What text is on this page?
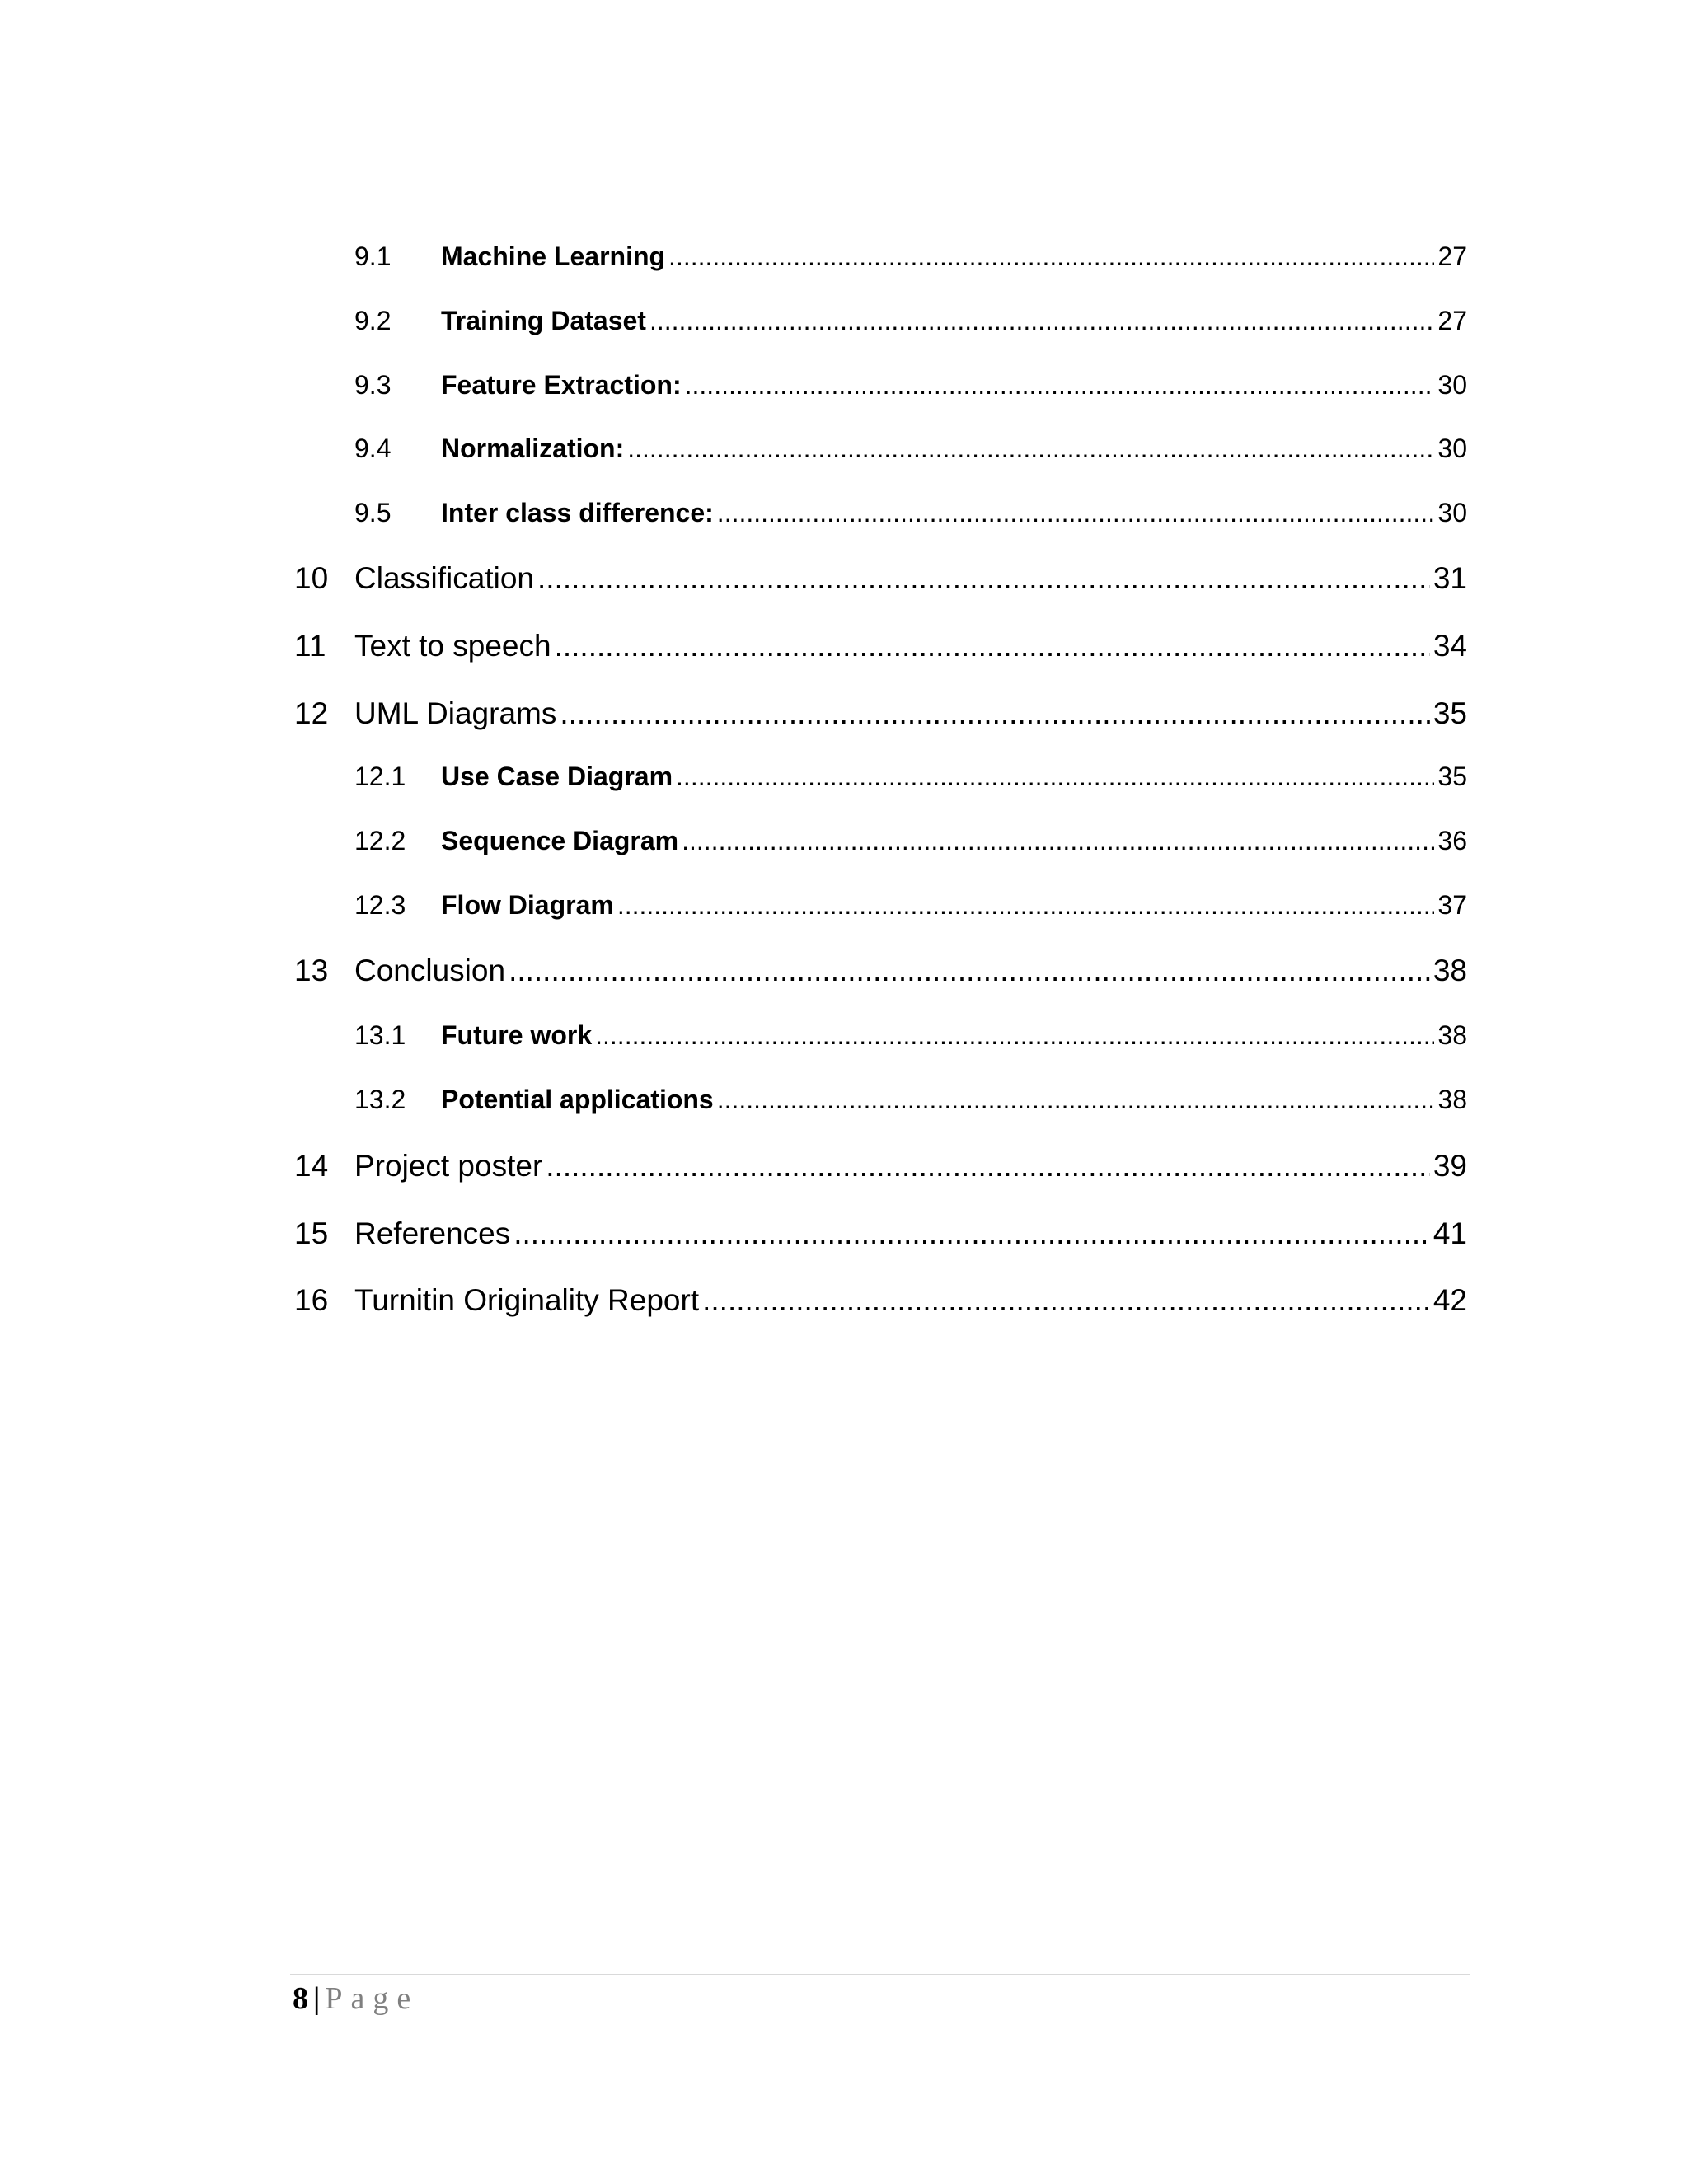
9.1	Machine Learning .....	27
9.2	Training Dataset .....	27
9.3	Feature Extraction: .....	30
9.4	Normalization: .....	30
9.5	Inter class difference: .....	30
10 Classification .....	31
11 Text to speech .....	34
12 UML Diagrams .....	35
12.1	Use Case Diagram .....	35
12.2	Sequence Diagram .....	36
12.3	Flow Diagram .....	37
13 Conclusion .....	38
13.1	Future work .....	38
13.2	Potential applications .....	38
14 Project poster .....	39
15 References .....	41
16 Turnitin Originality Report .....	42
8 | Page
